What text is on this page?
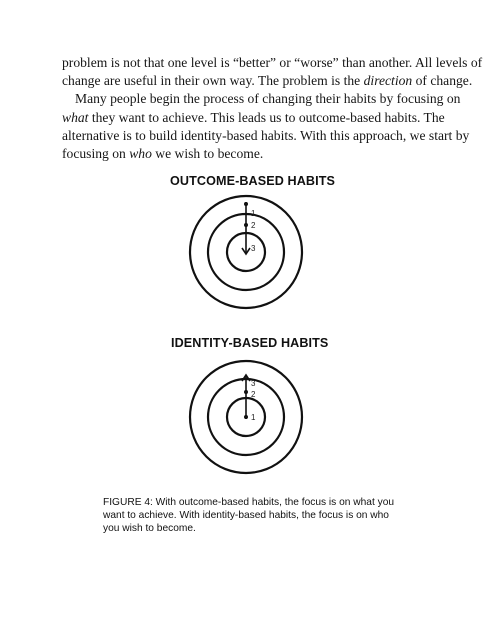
problem is not that one level is “better” or “worse” than another. All levels of
change are useful in their own way. The problem is the direction of change.

Many people begin the process of changing their habits by focusing on
what they want to achieve. This leads us to outcome-based habits. The
alternative is to build identity-based habits. With this approach, we start by
focusing on who we wish to become.

OUTCOME-BASED HABITS
1
2
3
IDENTITY-BASED HABITS
1
2
3
FIGURE 4: With outcome-based habits, the focus is on what you
want to achieve. With identity-based habits, the focus is on who
you wish to become.
